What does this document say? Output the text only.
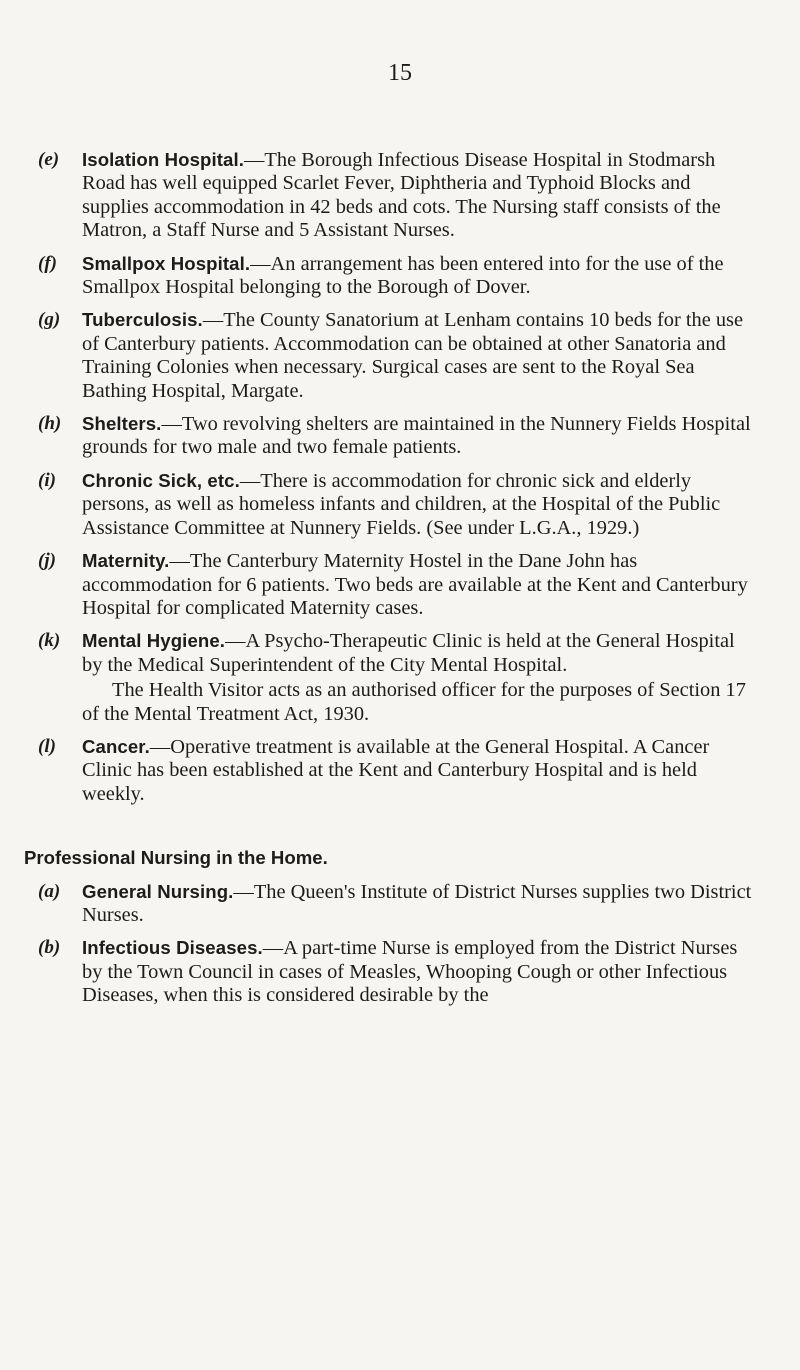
15
(e) Isolation Hospital.—The Borough Infectious Disease Hospital in Stodmarsh Road has well equipped Scarlet Fever, Diphtheria and Typhoid Blocks and supplies accommodation in 42 beds and cots. The Nursing staff consists of the Matron, a Staff Nurse and 5 Assistant Nurses.
(f) Smallpox Hospital.—An arrangement has been entered into for the use of the Smallpox Hospital belonging to the Borough of Dover.
(g) Tuberculosis.—The County Sanatorium at Lenham contains 10 beds for the use of Canterbury patients. Accommodation can be obtained at other Sanatoria and Training Colonies when necessary. Surgical cases are sent to the Royal Sea Bathing Hospital, Margate.
(h) Shelters.—Two revolving shelters are maintained in the Nunnery Fields Hospital grounds for two male and two female patients.
(i) Chronic Sick, etc.—There is accommodation for chronic sick and elderly persons, as well as homeless infants and children, at the Hospital of the Public Assistance Committee at Nunnery Fields. (See under L.G.A., 1929.)
(j) Maternity.—The Canterbury Maternity Hostel in the Dane John has accommodation for 6 patients. Two beds are available at the Kent and Canterbury Hospital for complicated Maternity cases.
(k) Mental Hygiene.—A Psycho-Therapeutic Clinic is held at the General Hospital by the Medical Superintendent of the City Mental Hospital.
The Health Visitor acts as an authorised officer for the purposes of Section 17 of the Mental Treatment Act, 1930.
(l) Cancer.—Operative treatment is available at the General Hospital. A Cancer Clinic has been established at the Kent and Canterbury Hospital and is held weekly.
Professional Nursing in the Home.
(a) General Nursing.—The Queen's Institute of District Nurses supplies two District Nurses.
(b) Infectious Diseases.—A part-time Nurse is employed from the District Nurses by the Town Council in cases of Measles, Whooping Cough or other Infectious Diseases, when this is considered desirable by the
